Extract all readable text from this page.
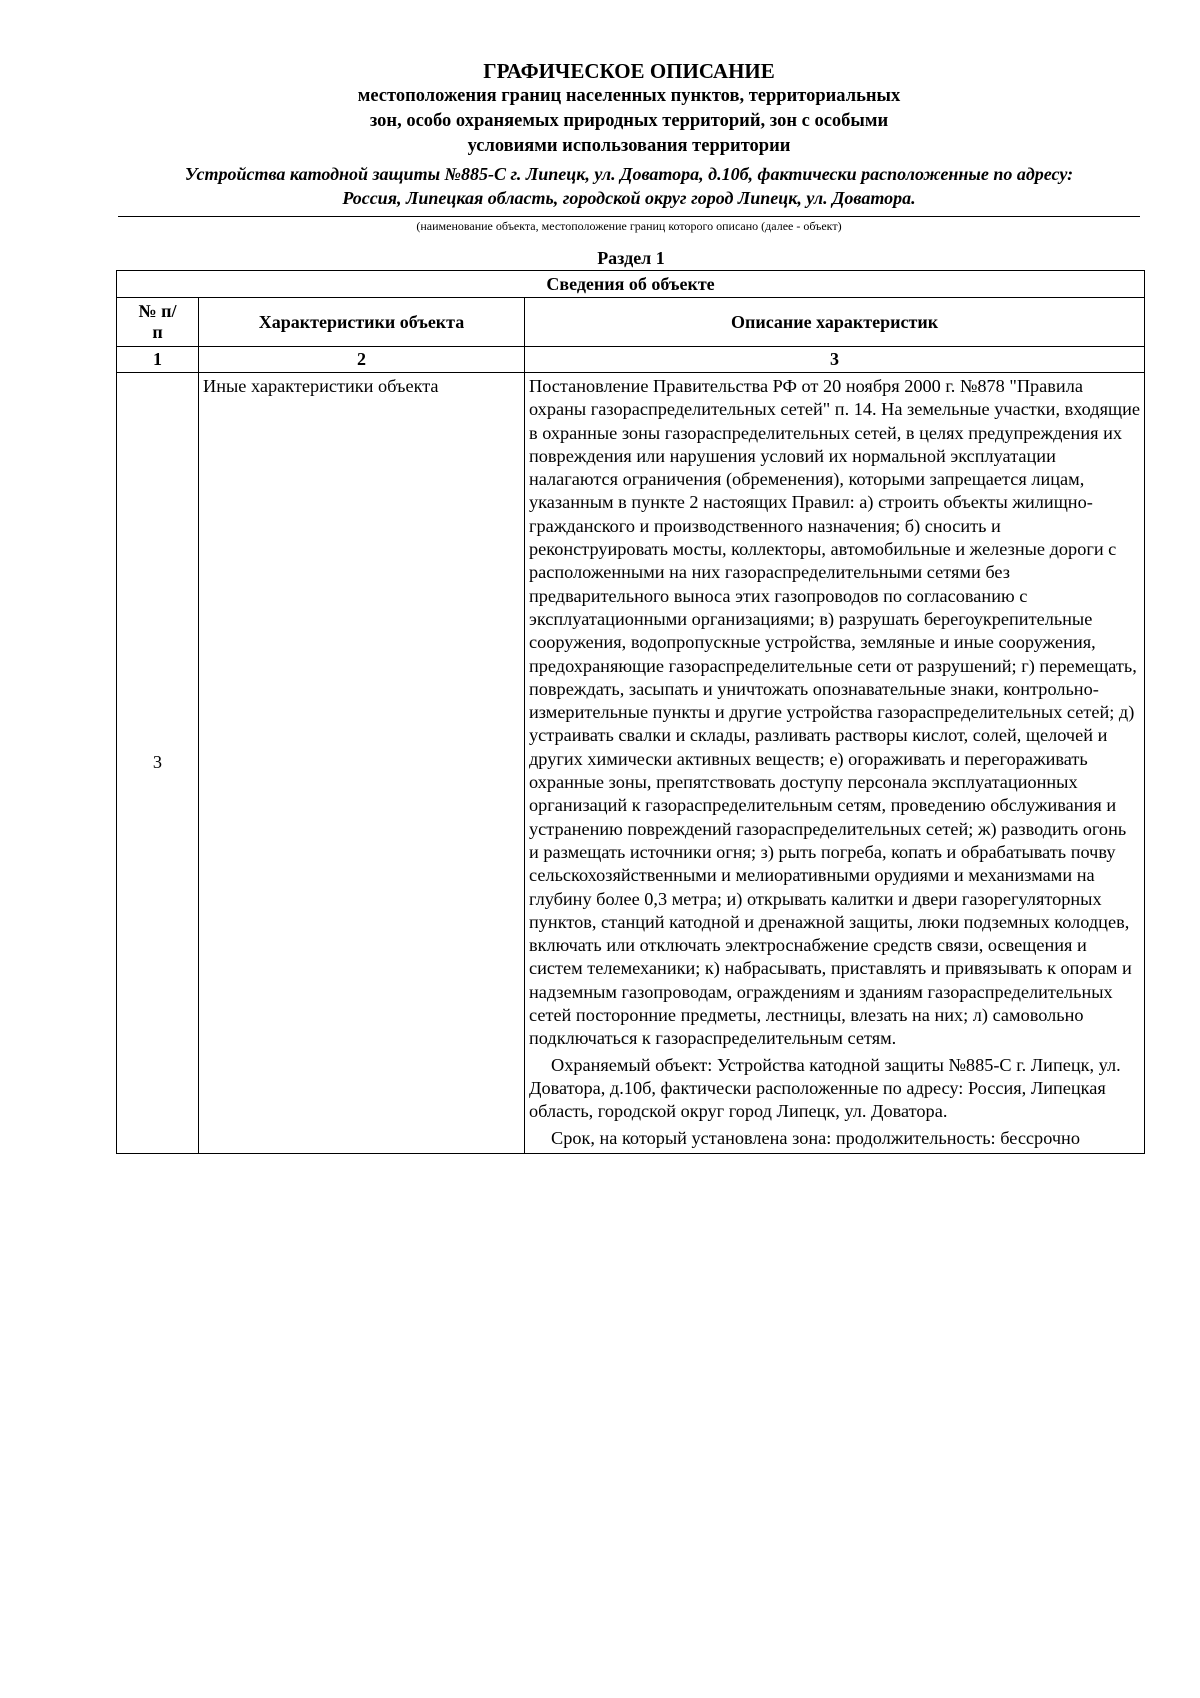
ГРАФИЧЕСКОЕ ОПИСАНИЕ
местоположения границ населенных пунктов, территориальных
зон, особо охраняемых природных территорий, зон с особыми
условиями использования территории
Устройства катодной защиты №885-С г. Липецк, ул. Доватора, д.10б, фактически расположенные по адресу:
Россия, Липецкая область, городской округ город Липецк, ул. Доватора.
(наименование объекта, местоположение границ которого описано (далее - объект)
Раздел 1
Сведения об объекте		
№ п/п	Характеристики объекта	Описание характеристик
1	2	3
3	Иные характеристики объекта	Постановление Правительства РФ от 20 ноября 2000 г. №878 "Правила охраны газораспределительных сетей" п. 14. На земельные участки, входящие в охранные зоны газораспределительных сетей, в целях предупреждения их повреждения или нарушения условий их нормальной эксплуатации налагаются ограничения (обременения), которыми запрещается лицам, указанным в пункте 2 настоящих Правил: а) строить объекты жилищно-гражданского и производственного назначения; б) сносить и реконструировать мосты, коллекторы, автомобильные и железные дороги с расположенными на них газораспределительными сетями без предварительного выноса этих газопроводов по согласованию с эксплуатационными организациями; в) разрушать берегоукрепительные сооружения, водопропускные устройства, земляные и иные сооружения, предохраняющие газораспределительные сети от разрушений; г) перемещать, повреждать, засыпать и уничтожать опознавательные знаки, контрольно-измерительные пункты и другие устройства газораспределительных сетей; д) устраивать свалки и склады, разливать растворы кислот, солей, щелочей и других химически активных веществ; е) огораживать и перегораживать охранные зоны, препятствовать доступу персонала эксплуатационных организаций к газораспределительным сетям, проведению обслуживания и устранению повреждений газораспределительных сетей; ж) разводить огонь и размещать источники огня; з) рыть погреба, копать и обрабатывать почву сельскохозяйственными и мелиоративными орудиями и механизмами на глубину более 0,3 метра; и) открывать калитки и двери газорегуляторных пунктов, станций катодной и дренажной защиты, люки подземных колодцев, включать или отключать электроснабжение средств связи, освещения и систем телемеханики; к) набрасывать, приставлять и привязывать к опорам и надземным газопроводам, ограждениям и зданиям газораспределительных сетей посторонние предметы, лестницы, влезать на них; л) самовольно подключаться к газораспределительным сетям.

Охраняемый объект: Устройства катодной защиты №885-С г. Липецк, ул. Доватора, д.10б, фактически расположенные по адресу: Россия, Липецкая область, городской округ город Липецк, ул. Доватора.

Срок, на который установлена зона: продолжительность: бессрочно
